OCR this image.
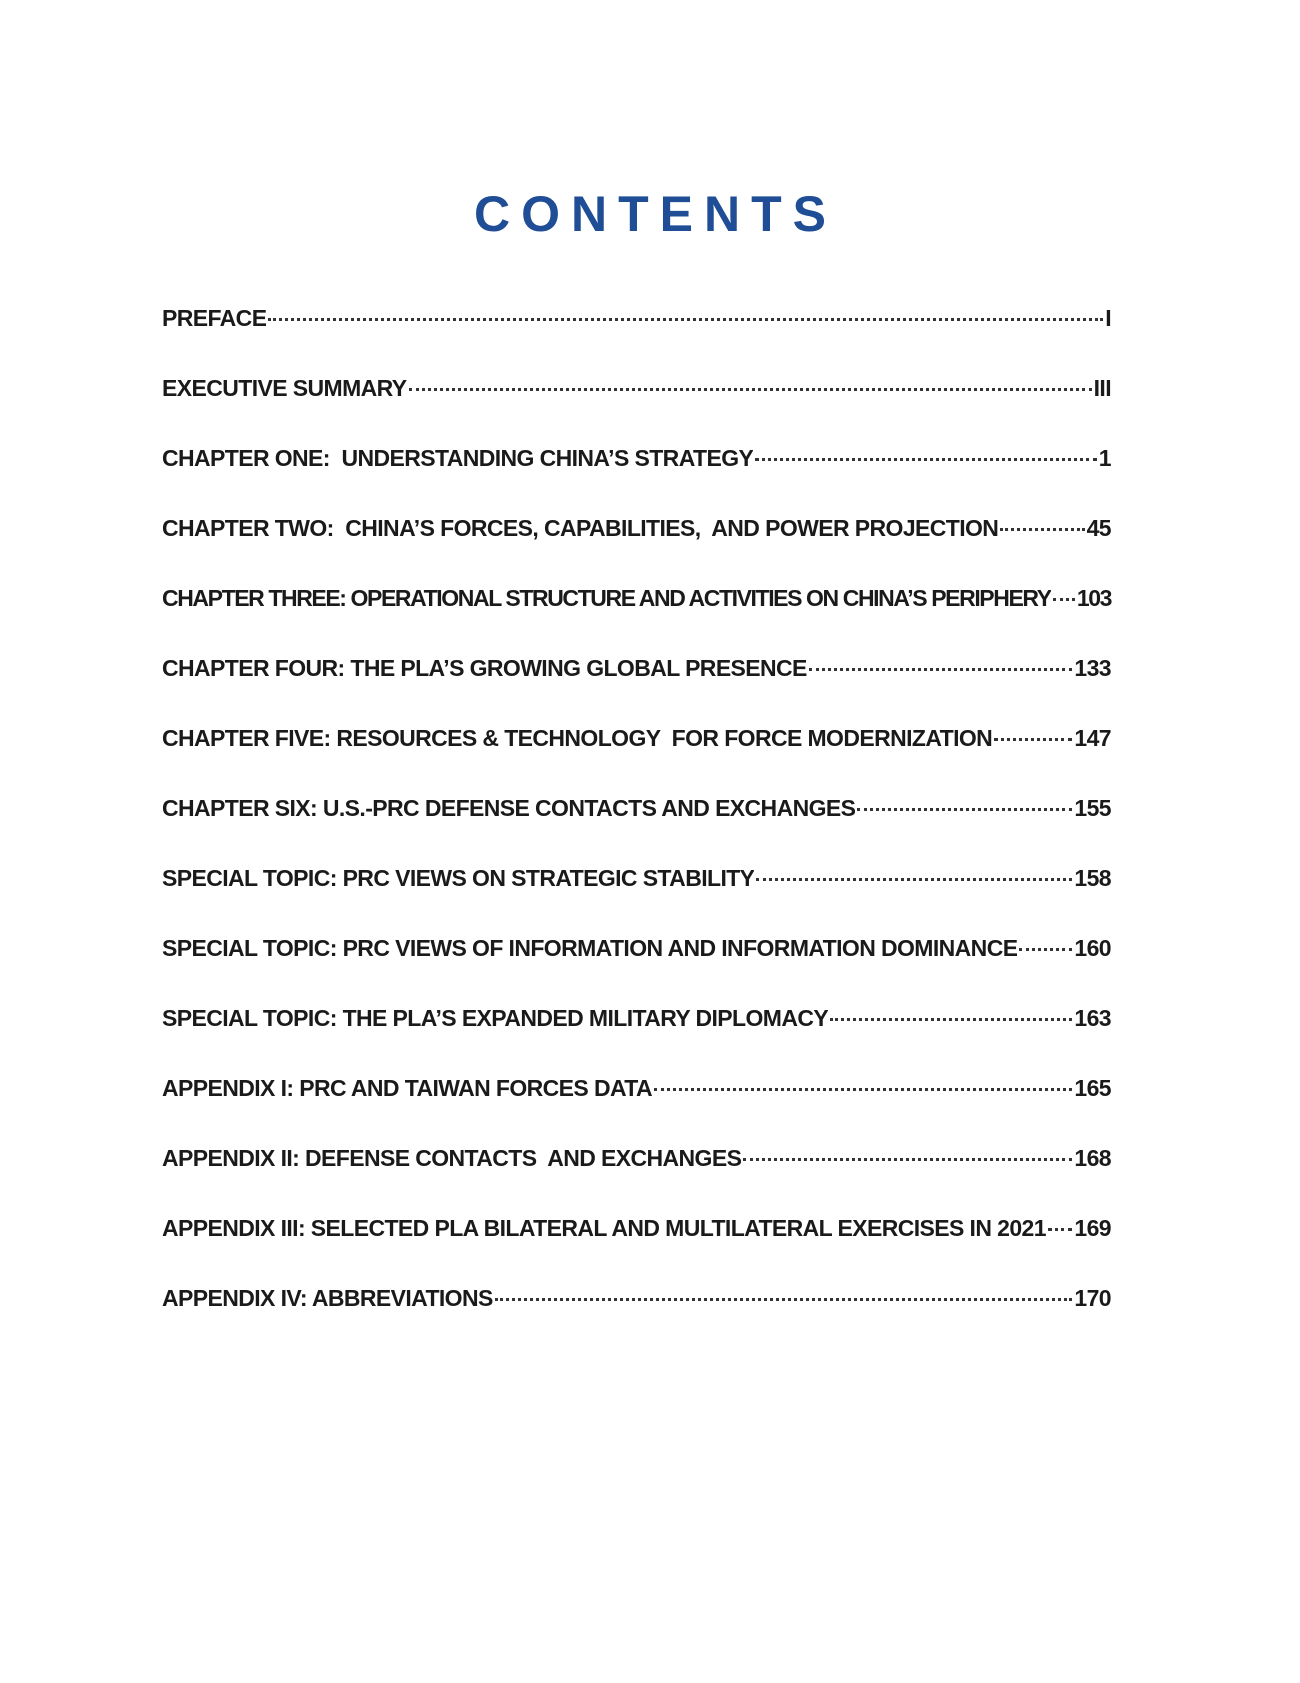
CONTENTS
PREFACE	I
EXECUTIVE SUMMARY	III
CHAPTER ONE:  UNDERSTANDING CHINA’S STRATEGY	1
CHAPTER TWO:  CHINA’S FORCES, CAPABILITIES,  AND POWER PROJECTION	45
CHAPTER THREE: OPERATIONAL STRUCTURE AND ACTIVITIES ON CHINA’S PERIPHERY 103
CHAPTER FOUR: THE PLA’S GROWING GLOBAL PRESENCE	133
CHAPTER FIVE: RESOURCES & TECHNOLOGY  FOR FORCE MODERNIZATION	147
CHAPTER SIX: U.S.-PRC DEFENSE CONTACTS AND EXCHANGES	155
SPECIAL TOPIC: PRC VIEWS ON STRATEGIC STABILITY	158
SPECIAL TOPIC: PRC VIEWS OF INFORMATION AND INFORMATION DOMINANCE 160
SPECIAL TOPIC: THE PLA’S EXPANDED MILITARY DIPLOMACY	163
APPENDIX I: PRC AND TAIWAN FORCES DATA	165
APPENDIX II: DEFENSE CONTACTS  AND EXCHANGES	168
APPENDIX III: SELECTED PLA BILATERAL AND MULTILATERAL EXERCISES IN 2021 169
APPENDIX IV: ABBREVIATIONS	170
